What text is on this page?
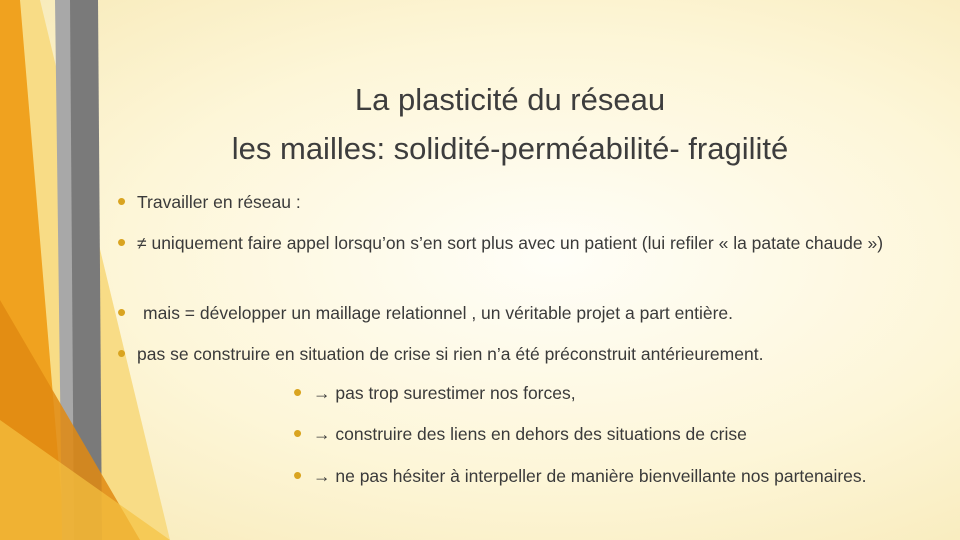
La plasticité du réseau
les mailles: solidité-perméabilité- fragilité
• Travailler en réseau :
• ≠ uniquement faire appel lorsqu’on s’en sort plus avec un patient (lui refiler « la patate chaude »)
• mais = développer un maillage relationnel , un véritable projet a part entière.
• pas se construire en situation de crise si rien n’a été préconstruit antérieurement.
• → pas trop surestimer nos forces,
• → construire des liens en dehors des situations de crise
• → ne pas hésiter à interpeller de manière bienveillante nos partenaires.
